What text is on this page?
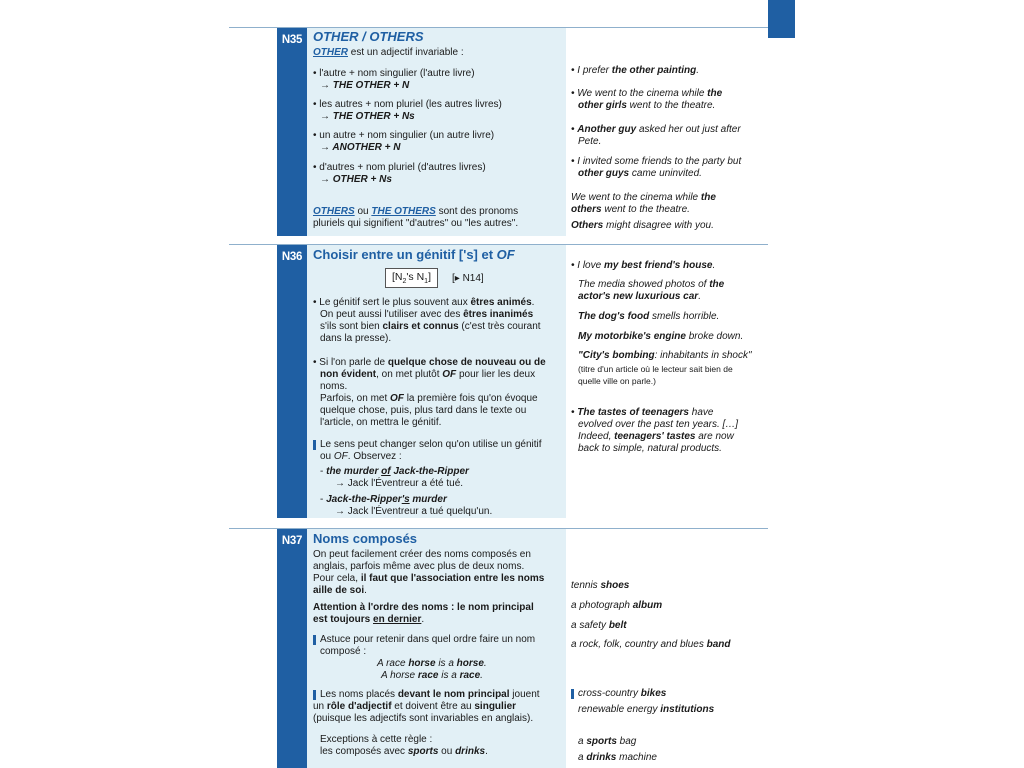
N35 OTHER / OTHERS
OTHER est un adjectif invariable :
• l'autre + nom singulier (l'autre livre)
→ THE OTHER + N
• les autres + nom pluriel (les autres livres)
→ THE OTHER + Ns
• un autre + nom singulier (un autre livre)
→ ANOTHER + N
• d'autres + nom pluriel (d'autres livres)
→ OTHER + Ns
OTHERS ou THE OTHERS sont des pronoms
pluriels qui signifient "d'autres" ou "les autres".
• I prefer the other painting.
• We went to the cinema while the
other girls went to the theatre.
• Another guy asked her out just after
Pete.
• I invited some friends to the party but
other guys came uninvited.
We went to the cinema while the
others went to the theatre.
Others might disagree with you.
N36 Choisir entre un génitif ['s] et OF
[$N_2's$ $N_1$]	[▸ N14]
• Le génitif sert le plus souvent aux êtres animés.
On peut aussi l'utiliser avec des êtres inanimés
s'ils sont bien clairs et connus (c'est très courant
dans la presse).
• Si l'on parle de quelque chose de nouveau ou de
non évident, on met plutôt OF pour lier les deux
noms.
Parfois, on met OF la première fois qu'on évoque
quelque chose, puis, plus tard dans le texte ou
l'article, on mettra le génitif.
Le sens peut changer selon qu'on utilise un génitif
ou OF. Observez :
- the murder of Jack-the-Ripper
→ Jack l'Éventreur a été tué.
- Jack-the-Ripper's murder
→ Jack l'Éventreur a tué quelqu'un.
• I love my best friend's house.
The media showed photos of the
actor's new luxurious car.
The dog's food smells horrible.
My motorbike's engine broke down.
"City's bombing: inhabitants in shock"
(titre d'un article où le lecteur sait bien de
quelle ville on parle.)
• The tastes of teenagers have
evolved over the past ten years. […]
Indeed, teenagers' tastes are now
back to simple, natural products.
N37 Noms composés
On peut facilement créer des noms composés en
anglais, parfois même avec plus de deux noms.
Pour cela, il faut que l'association entre les noms
aille de soi.
Attention à l'ordre des noms : le nom principal
est toujours en dernier.
Astuce pour retenir dans quel ordre faire un nom
composé :
A race horse is a horse.
A horse race is a race.
Les noms placés devant le nom principal jouent
un rôle d'adjectif et doivent être au singulier
(puisque les adjectifs sont invariables en anglais).
Exceptions à cette règle :
les composés avec sports ou drinks.
tennis shoes
a photograph album
a safety belt
a rock, folk, country and blues band
cross-country bikes
renewable energy institutions
a sports bag
a drinks machine
